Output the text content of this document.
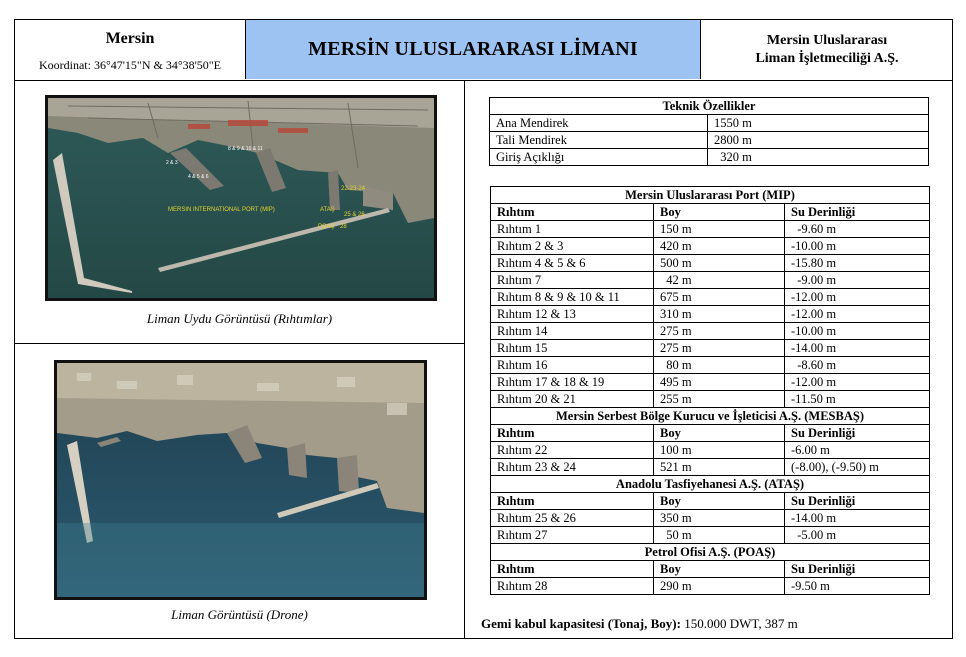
Mersin
Koordinat: 36°47'15"N & 34°38'50"E
MERSİN ULUSLARARASI LİMANI	Mersin Uluslararası
Liman İşletmeciliği A.Ş.
MERSIN INTERNATIONAL PORT (MIP)	ATAŞ
22-23-24
25 & 26
POAŞ 28
2 & 3
4 & 5 & 6
8 & 9 & 10 & 11
Liman Uydu Görüntüsü (Rıhtımlar)
Liman Görüntüsü (Drone)
Teknik Özellikler	
Ana Mendirek	1550 m
Tali Mendirek	2800 m
Giriş Açıklığı	320 m
Mersin Uluslararası Port (MIP)		
Rıhtım	Boy	Su Derinliği
Rıhtım 1	150 m	-9.60 m
Rıhtım 2 & 3	420 m	-10.00 m
Rıhtım 4 & 5 & 6	500 m	-15.80 m
Rıhtım 7	42 m	-9.00 m
Rıhtım 8 & 9 & 10 & 11	675 m	-12.00 m
Rıhtım 12 & 13	310 m	-12.00 m
Rıhtım 14	275 m	-10.00 m
Rıhtım 15	275 m	-14.00 m
Rıhtım 16	80 m	-8.60 m
Rıhtım 17 & 18 & 19	495 m	-12.00 m
Rıhtım 20 & 21	255 m	-11.50 m
Mersin Serbest Bölge Kurucu ve İşleticisi A.Ş. (MESBAŞ)		
Rıhtım	Boy	Su Derinliği
Rıhtım 22	100 m	-6.00 m
Rıhtım 23 & 24	521 m	(-8.00), (-9.50) m
Anadolu Tasfiyehanesi A.Ş. (ATAŞ)		
Rıhtım	Boy	Su Derinliği
Rıhtım 25 & 26	350 m	-14.00 m
Rıhtım 27	50 m	-5.00 m
Petrol Ofisi A.Ş. (POAŞ)		
Rıhtım	Boy	Su Derinliği
Rıhtım 28	290 m	-9.50 m
Gemi kabul kapasitesi (Tonaj, Boy): 150.000 DWT, 387 m
